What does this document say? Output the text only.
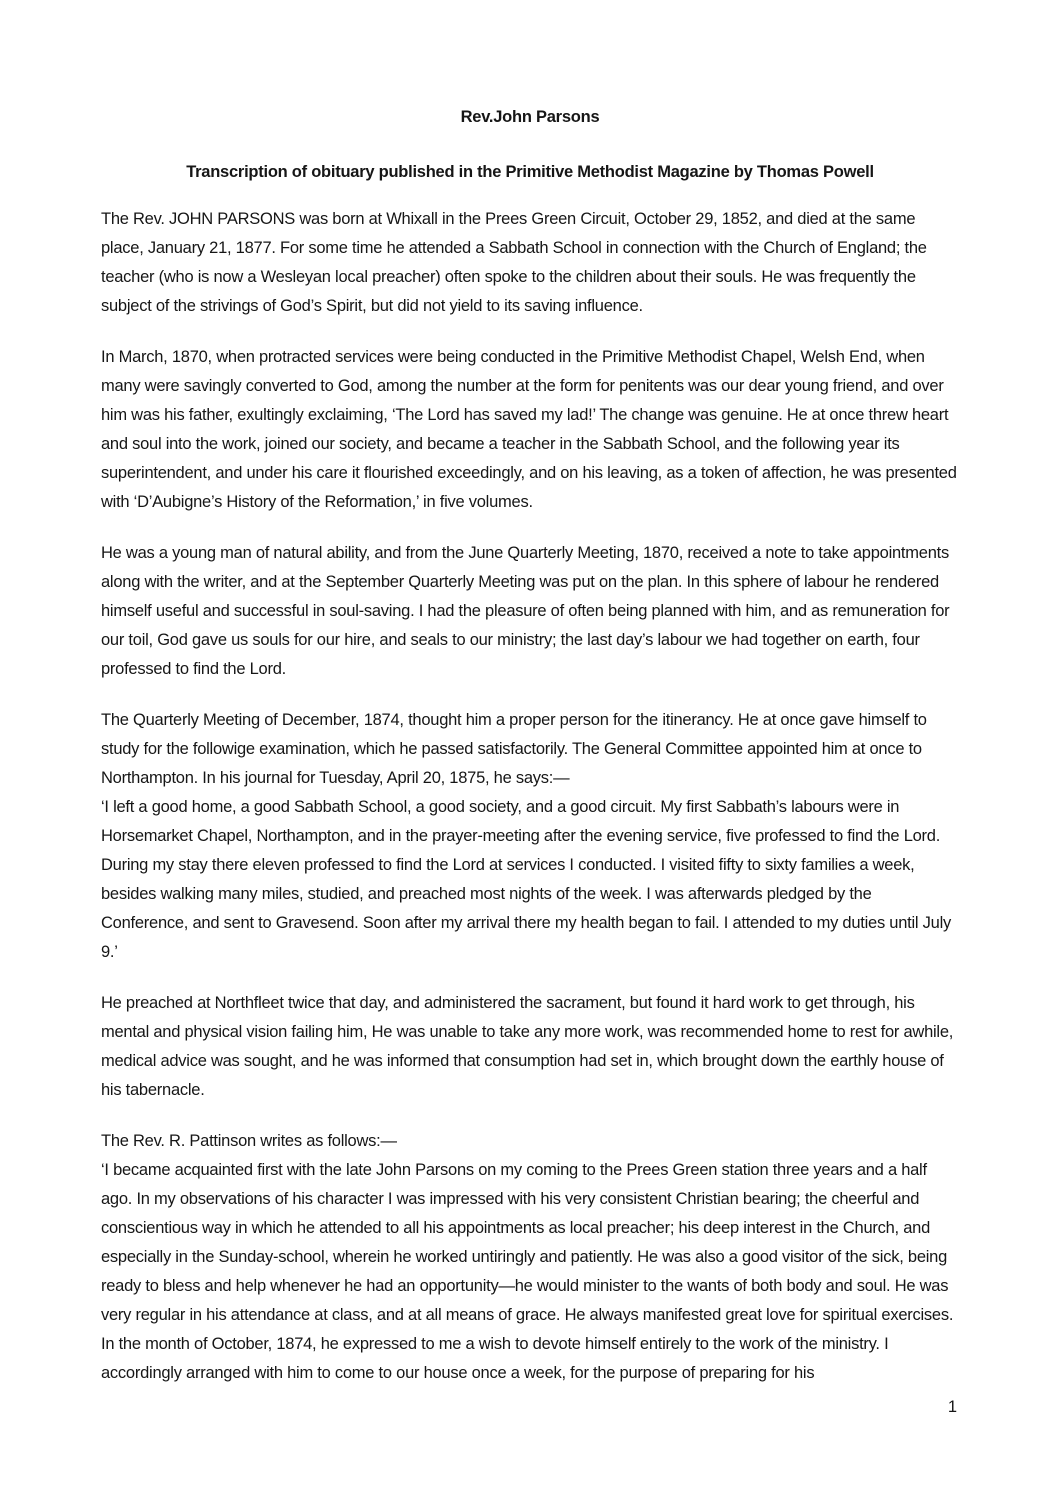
Rev.John Parsons
Transcription of obituary published in the Primitive Methodist Magazine by Thomas Powell

The Rev. JOHN PARSONS was born at Whixall in the Prees Green Circuit, October 29, 1852, and died at the same place, January 21, 1877. For some time he attended a Sabbath School in connection with the Church of England; the teacher (who is now a Wesleyan local preacher) often spoke to the children about their souls. He was frequently the subject of the strivings of God’s Spirit, but did not yield to its saving influence.

In March, 1870, when protracted services were being conducted in the Primitive Methodist Chapel, Welsh End, when many were savingly converted to God, among the number at the form for penitents was our dear young friend, and over him was his father, exultingly exclaiming, ‘The Lord has saved my lad!’ The change was genuine. He at once threw heart and soul into the work, joined our society, and became a teacher in the Sabbath School, and the following year its superintendent, and under his care it flourished exceedingly, and on his leaving, as a token of affection, he was presented with ‘D’Aubigne’s History of the Reformation,’ in five volumes.

He was a young man of natural ability, and from the June Quarterly Meeting, 1870, received a note to take appointments along with the writer, and at the September Quarterly Meeting was put on the plan. In this sphere of labour he rendered himself useful and successful in soul-saving. I had the pleasure of often being planned with him, and as remuneration for our toil, God gave us souls for our hire, and seals to our ministry; the last day’s labour we had together on earth, four professed to find the Lord.

The Quarterly Meeting of December, 1874, thought him a proper person for the itinerancy. He at once gave himself to study for the followige examination, which he passed satisfactorily. The General Committee appointed him at once to Northampton. In his journal for Tuesday, April 20, 1875, he says:—

‘I left a good home, a good Sabbath School, a good society, and a good circuit. My first Sabbath’s labours were in Horsemarket Chapel, Northampton, and in the prayer-meeting after the evening service, five professed to find the Lord. During my stay there eleven professed to find the Lord at services I conducted. I visited fifty to sixty families a week, besides walking many miles, studied, and preached most nights of the week. I was afterwards pledged by the Conference, and sent to Gravesend. Soon after my arrival there my health began to fail. I attended to my duties until July 9.’

He preached at Northfleet twice that day, and administered the sacrament, but found it hard work to get through, his mental and physical vision failing him, He was unable to take any more work, was recommended home to rest for awhile, medical advice was sought, and he was informed that consumption had set in, which brought down the earthly house of his tabernacle.

The Rev. R. Pattinson writes as follows:—

‘I became acquainted first with the late John Parsons on my coming to the Prees Green station three years and a half ago. In my observations of his character I was impressed with his very consistent Christian bearing; the cheerful and conscientious way in which he attended to all his appointments as local preacher; his deep interest in the Church, and especially in the Sunday-school, wherein he worked untiringly and patiently. He was also a good visitor of the sick, being ready to bless and help whenever he had an opportunity—he would minister to the wants of both body and soul. He was very regular in his attendance at class, and at all means of grace. He always manifested great love for spiritual exercises. In the month of October, 1874, he expressed to me a wish to devote himself entirely to the work of the ministry. I accordingly arranged with him to come to our house once a week, for the purpose of preparing for his

1
